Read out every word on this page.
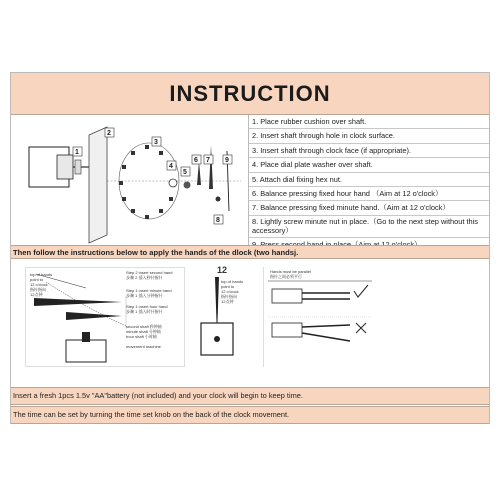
INSTRUCTION
1
2
3
4
5
6 7
8
9
1. Place rubber cushion over shaft.
2. Insert shaft through hole in clock surface.
3. Insert shaft through clock face (if appropriate).
4. Place dial plate washer over shaft.
5. Attach dial fixing hex nut.
6. Balance pressing fixed hour hand （Aim at 12 o'clock）
7. Balance pressing fixed minute hand.（Aim at 12 o'clock）
8. Lightly screw minute nut in place.（Go to the next step without this accessory）
Then follow the instructions below to apply the hands of the dlock (two handsj.
top of hands
point to
12 o'clock
指针指向
12点钟
Step 2 insert second hand
步骤 2 插入秒针指针
Step 1 insert minute hand
步骤 1 插入分钟指针
Step 1 insert hour hand
步骤 1 插入时针指针
second shaft 秒钟轴
minute shaft 分钟轴
hour shaft 小时轴
movement machine
12
top of hands
point to
12 o'clock
指针指向
12点钟
Hands must be parallel
指针之间必须平行
Insert a fresh 1pcs 1.5v "AA"battery (not included) and your clock will begin to keep time.
The time can be set by turning the time set knob on the back of the clock movement.
